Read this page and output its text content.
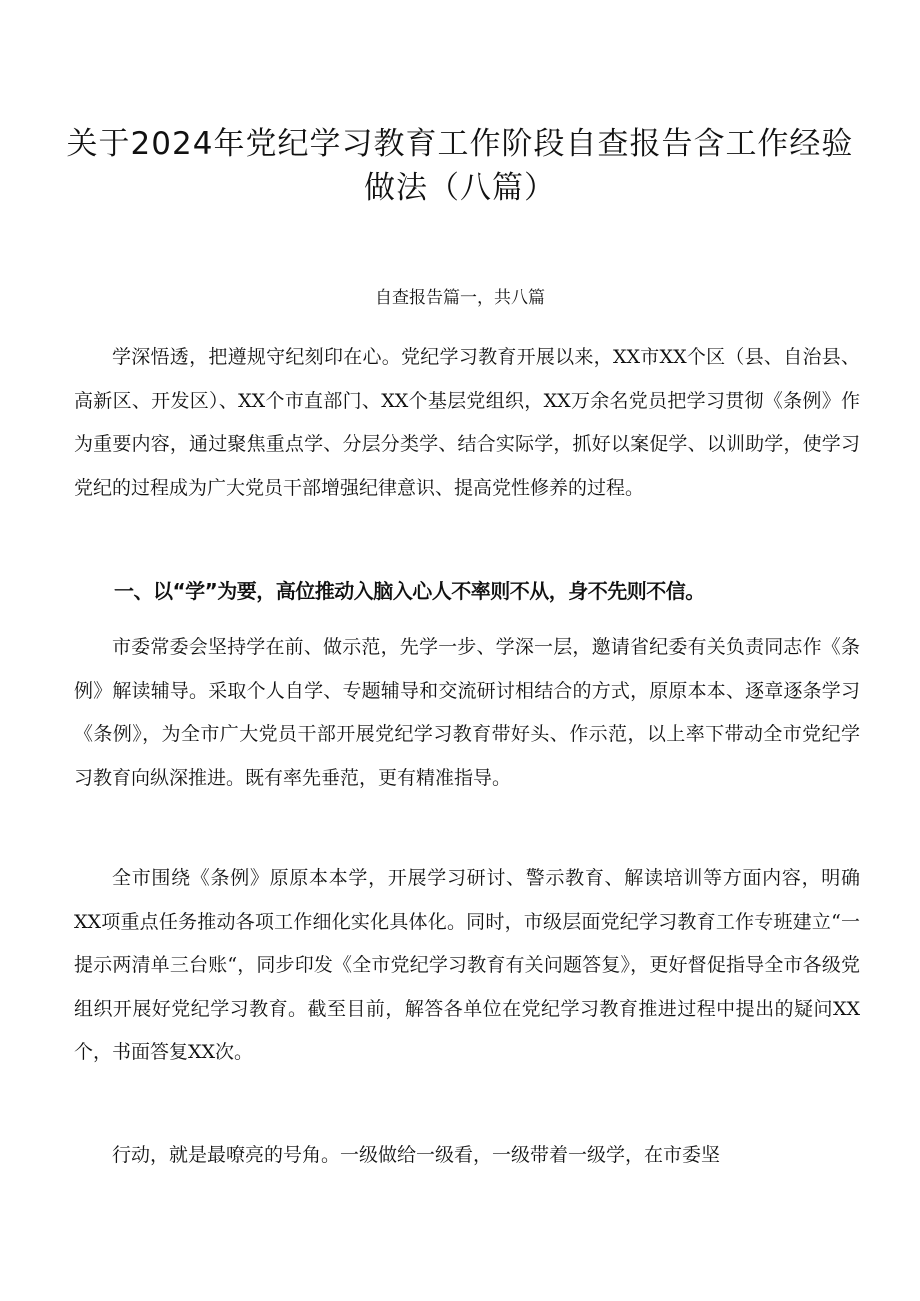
关于2024年党纪学习教育工作阶段自查报告含工作经验
做法（八篇）
自查报告篇一，共八篇

学深悟透，把遵规守纪刻印在心。党纪学习教育开展以来，XX市XX个区（县、自治县、高新区、开发区）、XX个市直部门、XX个基层党组织，XX万余名党员把学习贯彻《条例》作为重要内容，通过聚焦重点学、分层分类学、结合实际学，抓好以案促学、以训助学，使学习党纪的过程成为广大党员干部增强纪律意识、提高党性修养的过程。

一、以“学”为要，高位推动入脑入心人不率则不从，身不先则不信。

市委常委会坚持学在前、做示范，先学一步、学深一层，邀请省纪委有关负责同志作《条例》解读辅导。采取个人自学、专题辅导和交流研讨相结合的方式，原原本本、逐章逐条学习《条例》，为全市广大党员干部开展党纪学习教育带好头、作示范，以上率下带动全市党纪学习教育向纵深推进。既有率先垂范，更有精准指导。

全市围绕《条例》原原本本学，开展学习研讨、警示教育、解读培训等方面内容，明确XX项重点任务推动各项工作细化实化具体化。同时，市级层面党纪学习教育工作专班建立“一提示两清单三台账“，同步印发《全市党纪学习教育有关问题答复》，更好督促指导全市各级党组织开展好党纪学习教育。截至目前，解答各单位在党纪学习教育推进过程中提出的疑问XX个，书面答复XX次。

行动，就是最嘹亮的号角。一级做给一级看，一级带着一级学，在市委坚
